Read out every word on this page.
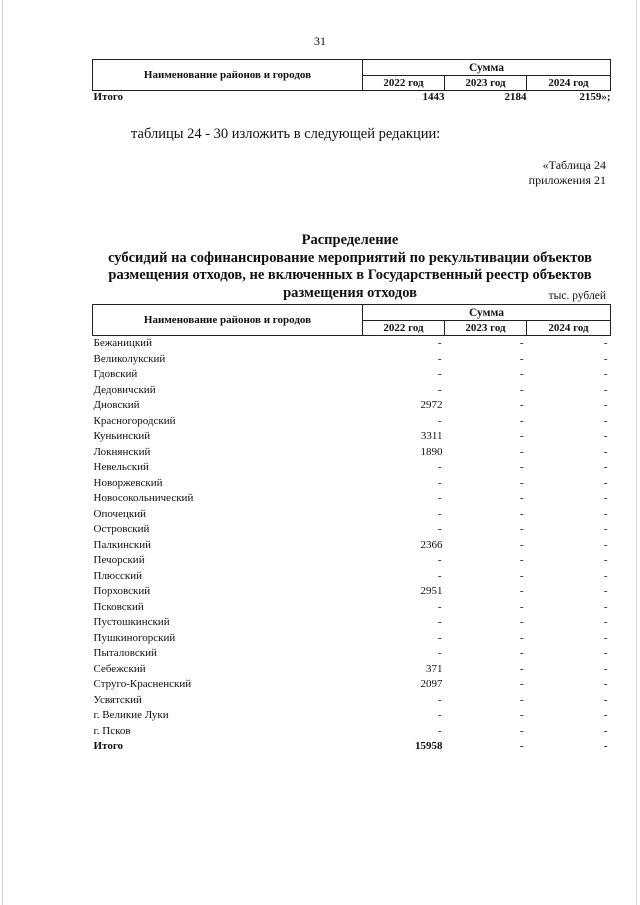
31
Наименование районов и городов	Сумма		
	2022 год	2023 год	2024 год
Итого	1443	2184	2159»;
таблицы 24 - 30 изложить в следующей редакции:
«Таблица 24
приложения 21
Распределение
субсидий на софинансирование мероприятий по рекультивации объектов
размещения отходов, не включенных в Государственный реестр объектов
размещения отходов	тыс. рублей
Наименование районов и городов	Сумма		
	2022 год	2023 год	2024 год
Бежаницкий	-	-	-
Великолукский	-	-	-
Гдовский	-	-	-
Дедовичский	-	-	-
Дновский	2972	-	-
Красногородский	-	-	-
Куньинский	3311	-	-
Локнянский	1890	-	-
Невельский	-	-	-
Новоржевский	-	-	-
Новосокольнический	-	-	-
Опочецкий	-	-	-
Островский	-	-	-
Палкинский	2366	-	-
Печорский	-	-	-
Плюсский	-	-	-
Порховский	2951	-	-
Псковский	-	-	-
Пустошкинский	-	-	-
Пушкиногорский	-	-	-
Пыталовский	-	-	-
Себежский	371	-	-
Струго-Красненский	2097	-	-
Усвятский	-	-	-
г. Великие Луки	-	-	-
г. Псков	-	-	-
Итого	15958	-	-
